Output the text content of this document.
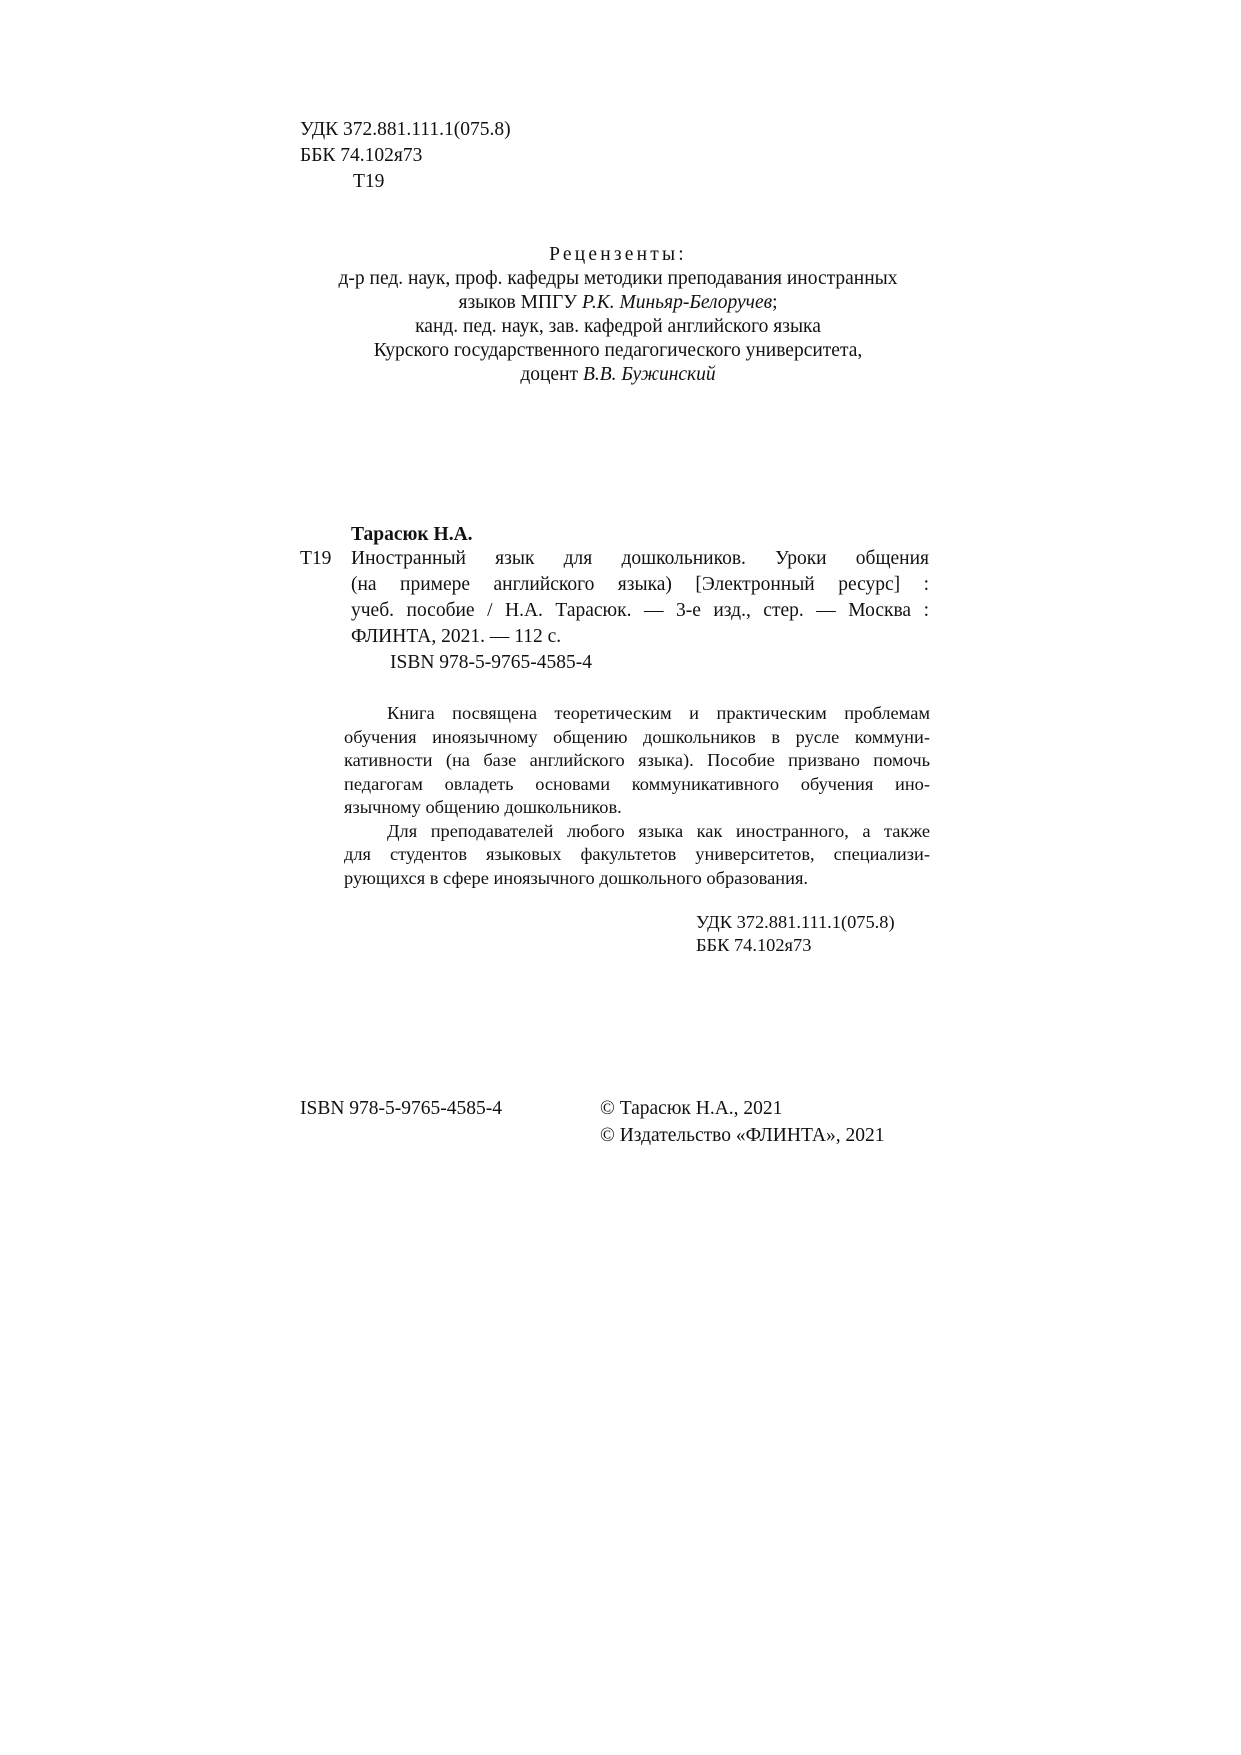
УДК 372.881.111.1(075.8)
ББК 74.102я73
Т19
Рецензенты:
д-р пед. наук, проф. кафедры методики преподавания иностранных
языков МПГУ Р.К. Миньяр-Белоручев;
канд. пед. наук, зав. кафедрой английского языка
Курского государственного педагогического университета,
доцент В.В. Бужинский
Тарасюк Н.А.
Т19 Иностранный язык для дошкольников. Уроки общения
(на примере английского языка) [Электронный ресурс] :
учеб. пособие / Н.А. Тарасюк. — 3-е изд., стер. — Москва :
ФЛИНТА, 2021. — 112 с.
ISBN 978-5-9765-4585-4
Книга посвящена теоретическим и практическим проблемам
обучения иноязычному общению дошкольников в русле коммуни-
кативности (на базе английского языка). Пособие призвано помочь
педагогам овладеть основами коммуникативного обучения ино-
язычному общению дошкольников.
Для преподавателей любого языка как иностранного, а также
для студентов языковых факультетов университетов, специализи-
рующихся в сфере иноязычного дошкольного образования.
УДК 372.881.111.1(075.8)
ББК 74.102я73
ISBN 978-5-9765-4585-4	© Тарасюк Н.А., 2021
© Издательство «ФЛИНТА», 2021
